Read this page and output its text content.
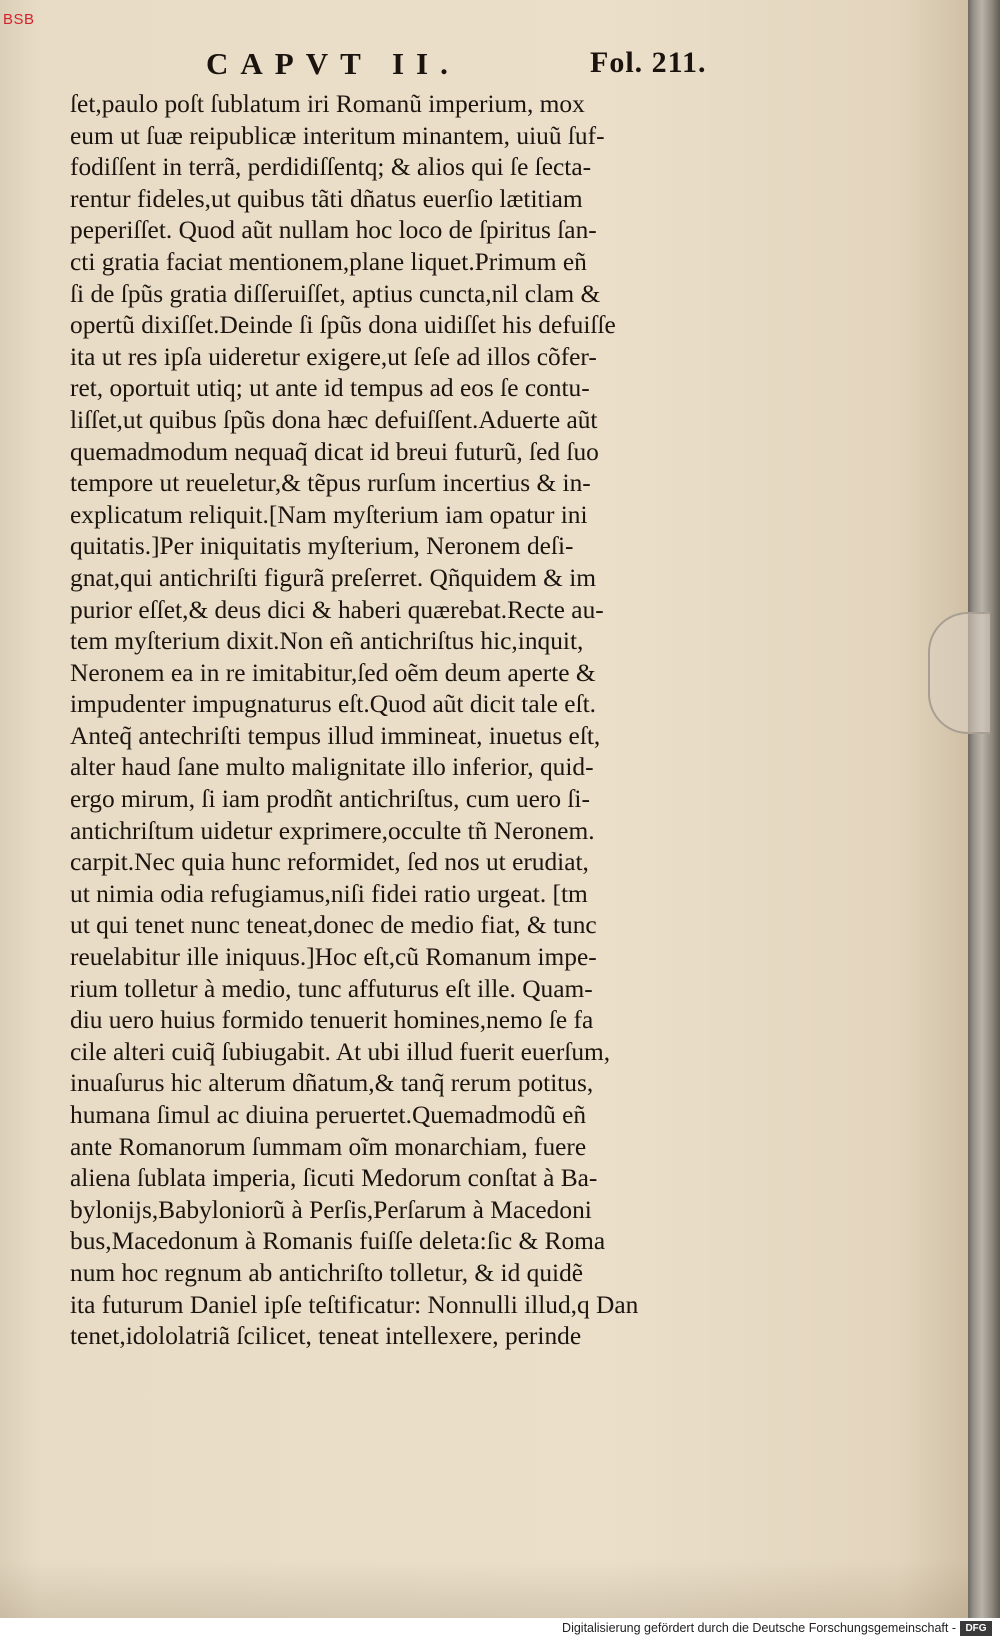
BSB
CAPVT II.	Fol. 211.
ſet,paulo poſt ſublatum iri Romanũ imperium, mox
eum ut ſuæ reipublicæ interitum minantem, uiuũ ſuf-
fodiſſent in terrã, perdidiſſentq; & alios qui ſe ſecta-
rentur fideles,ut quibus tãti dñatus euerſio lætitiam
peperiſſet. Quod aũt nullam hoc loco de ſpiritus ſan-
cti gratia faciat mentionem,plane liquet.Primum eñ
ſi de ſpũs gratia diſſeruiſſet, aptius cuncta,nil clam &
opertũ dixiſſet.Deinde ſi ſpũs dona uidiſſet his defuiſſe
ita ut res ipſa uideretur exigere,ut ſeſe ad illos cõfer-
ret, oportuit utiq; ut ante id tempus ad eos ſe contu-
liſſet,ut quibus ſpũs dona hæc defuiſſent.Aduerte aũt
quemadmodum nequaq̃ dicat id breui futurũ, ſed ſuo
tempore ut reueletur,& tẽpus rurſum incertius & in-
explicatum reliquit.[Nam myſterium iam opatur ini
quitatis.]Per iniquitatis myſterium, Neronem deſi-
gnat,qui antichriſti figurã preſerret. Qñquidem & im
purior eſſet,& deus dici & haberi quærebat.Recte au-
tem myſterium dixit.Non eñ antichriſtus hic,inquit,
Neronem ea in re imitabitur,ſed oẽm deum aperte &
impudenter impugnaturus eſt.Quod aũt dicit tale eſt.
Anteq̃ antechriſti tempus illud immineat, inuetus eſt,
alter haud ſane multo malignitate illo inferior, quid-
ergo mirum, ſi iam prodñt antichriſtus, cum uero ſi-
antichriſtum uidetur exprimere,occulte tñ Neronem.
carpit.Nec quia hunc reformidet, ſed nos ut erudiat,
ut nimia odia refugiamus,niſi fidei ratio urgeat. [tm
ut qui tenet nunc teneat,donec de medio fiat, & tunc
reuelabitur ille iniquus.]Hoc eſt,cũ Romanum impe-
rium tolletur à medio, tunc affuturus eſt ille. Quam-
diu uero huius formido tenuerit homines,nemo ſe fa
cile alteri cuiq̃ ſubiugabit. At ubi illud fuerit euerſum,
inuaſurus hic alterum dñatum,& tanq̃ rerum potitus,
humana ſimul ac diuina peruertet.Quemadmodũ eñ
ante Romanorum ſummam oĩm monarchiam, fuere
aliena ſublata imperia, ſicuti Medorum conſtat à Ba-
bylonijs,Babyloniorũ à Perſis,Perſarum à Macedoni
bus,Macedonum à Romanis fuiſſe deleta:ſic & Roma
num hoc regnum ab antichriſto tolletur, & id quidẽ
ita futurum Daniel ipſe teſtificatur: Nonnulli illud,q Dan
tenet,idololatriã ſcilicet, teneat intellexere, perinde
Digitalisierung gefördert durch die Deutsche Forschungsgemeinschaft - DFG
